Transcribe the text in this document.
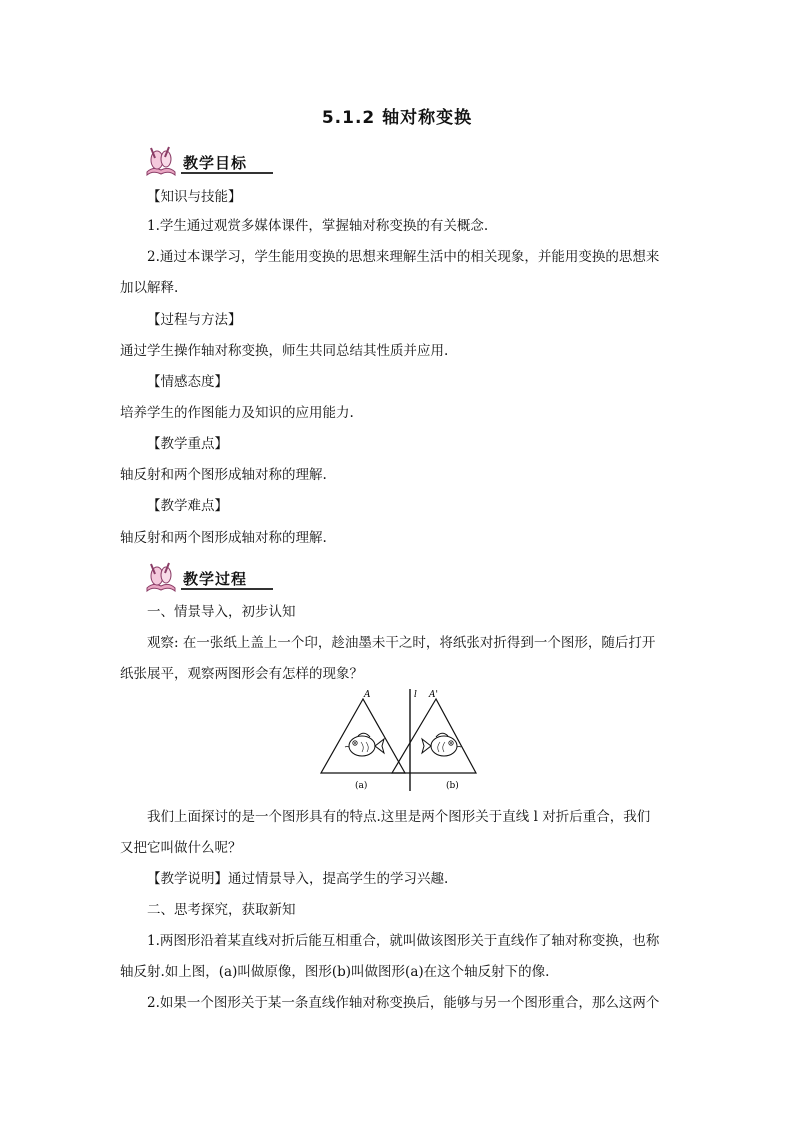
5.1.2 轴对称变换
教学目标
【知识与技能】
1.学生通过观赏多媒体课件，掌握轴对称变换的有关概念.
2.通过本课学习，学生能用变换的思想来理解生活中的相关现象，并能用变换的思想来
加以解释.
【过程与方法】
通过学生操作轴对称变换，师生共同总结其性质并应用.
【情感态度】
培养学生的作图能力及知识的应用能力.
【教学重点】
轴反射和两个图形成轴对称的理解.
【教学难点】
轴反射和两个图形成轴对称的理解.
教学过程
一、情景导入，初步认知
观察: 在一张纸上盖上一个印，趁油墨未干之时，将纸张对折得到一个图形，随后打开
纸张展平，观察两图形会有怎样的现象？
A	l A'
(a)	(b)
我们上面探讨的是一个图形具有的特点.这里是两个图形关于直线 l 对折后重合，我们
又把它叫做什么呢？
【教学说明】通过情景导入，提高学生的学习兴趣.
二、思考探究，获取新知
1.两图形沿着某直线对折后能互相重合，就叫做该图形关于直线作了轴对称变换，也称
轴反射.如上图，(a)叫做原像，图形(b)叫做图形(a)在这个轴反射下的像.
2.如果一个图形关于某一条直线作轴对称变换后，能够与另一个图形重合，那么这两个
